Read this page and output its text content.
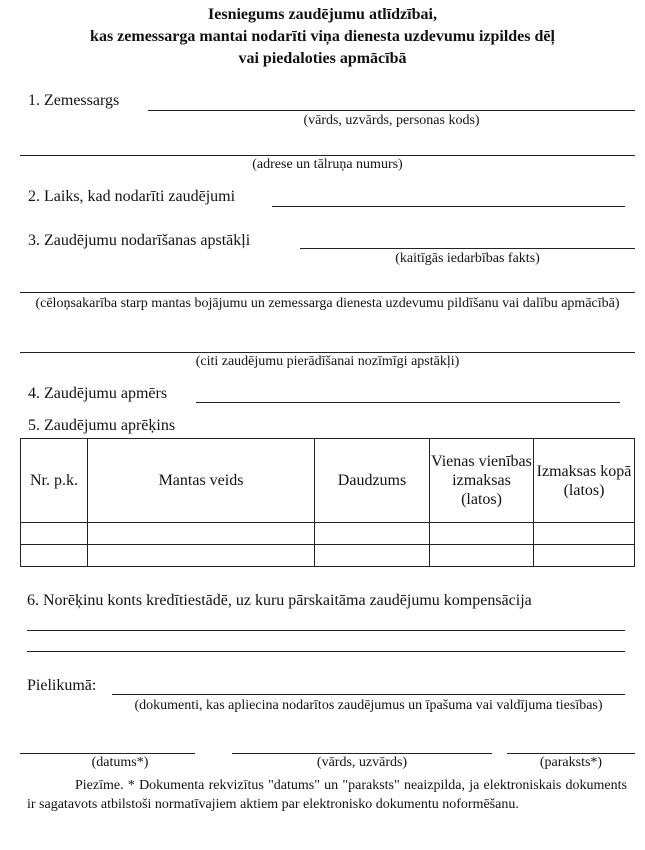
Iesniegums zaudējumu atlīdzībai,
kas zemessarga mantai nodarīti viņa dienesta uzdevumu izpildes dēļ
vai piedaloties apmācībā
1. Zemessargs
(vārds, uzvārds, personas kods)
(adrese un tālruņa numurs)
2. Laiks, kad nodarīti zaudējumi
3. Zaudējumu nodarīšanas apstākļi
(kaitīgās iedarbības fakts)
(cēloņsakarība starp mantas bojājumu un zemessarga dienesta uzdevumu pildīšanu vai dalību apmācībā)
(citi zaudējumu pierādīšanai nozīmīgi apstākļi)
4. Zaudējumu apmērs
5. Zaudējumu aprēķins
Nr. p.k.	Mantas veids	Daudzums	Vienas vienības izmaksas (latos)	Izmaksas kopā (latos)

6. Norēķinu konts kredītiestādē, uz kuru pārskaitāma zaudējumu kompensācija
Pielikumā:
(dokumenti, kas apliecina nodarītos zaudējumus un īpašuma vai valdījuma tiesības)
(datums*)	(vārds, uzvārds)	(paraksts*)
Piezīme. * Dokumenta rekvizītus "datums" un "paraksts" neaizpilda, ja elektroniskais dokuments ir sagatavots atbilstoši normatīvajiem aktiem par elektronisko dokumentu noformēšanu.
